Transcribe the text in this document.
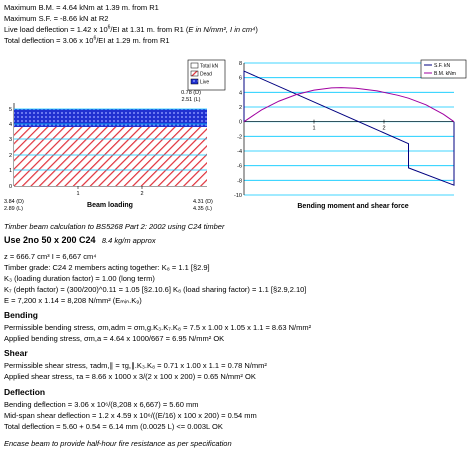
Maximum B.M. = 4.64 kNm at 1.39 m. from R1
Maximum S.F. = -8.66 kN at R2
Live load deflection = 1.42 x $10^6/EI$ at 1.31 m. from R1 (E in N/mm², I in cm⁴)
Total deflection = 3.06 x $10^6/EI$ at 1.29 m. from R1
5
4
3
2
1
0
1	2
0.78 (D)
2.51 (L)
3.84 (D)
2.89 (L)
4.31 (D)
4.35 (L)
Beam loading
Total kN
Dead
Live
8
6
4
2
0
-2
-4
-6
-8
-10
1	2
S.F. kN
B.M. kNm
Bending moment and shear force
Timber beam calculation to BS5268 Part 2: 2002 using C24 timber
Use 2no 50 x 200 C24 8.4 kg/m approx
z = 666.7 cm³ I = 6,667 cm⁴
Timber grade: C24 2 members acting together: K₈ = 1.1 [§2.9]
K₃ (loading duration factor) = 1.00 (long term)
K₇ (depth factor) = (300/200)^0.11 = 1.05 [§2.10.6] K₈ (load sharing factor) = 1.1 [§2.9,2.10]
E = 7,200 x 1.14 = 8,208 N/mm² (Eₘᵢₙ.K₉)
Bending
Permissible bending stress, σm,adm = σm,g.K₃.K₇.K₈ = 7.5 x 1.00 x 1.05 x 1.1 = 8.63 N/mm²
Applied bending stress, σm,a = 4.64 x 1000/667 = 6.95 N/mm² OK
Shear
Permissible shear stress, τadm,∥ = τg,∥.K₃.K₈ = 0.71 x 1.00 x 1.1 = 0.78 N/mm²
Applied shear stress, τa = 8.66 x 1000 x 3/(2 x 100 x 200) = 0.65 N/mm² OK
Deflection
Bending deflection = 3.06 x 10⁶/(8,208 x 6,667) = 5.60 mm
Mid-span shear deflection = 1.2 x 4.59 x 10⁶/((E/16) x 100 x 200) = 0.54 mm
Total deflection = 5.60 + 0.54 = 6.14 mm (0.0025 L) <= 0.003L OK
Encase beam to provide half-hour fire resistance as per specification
